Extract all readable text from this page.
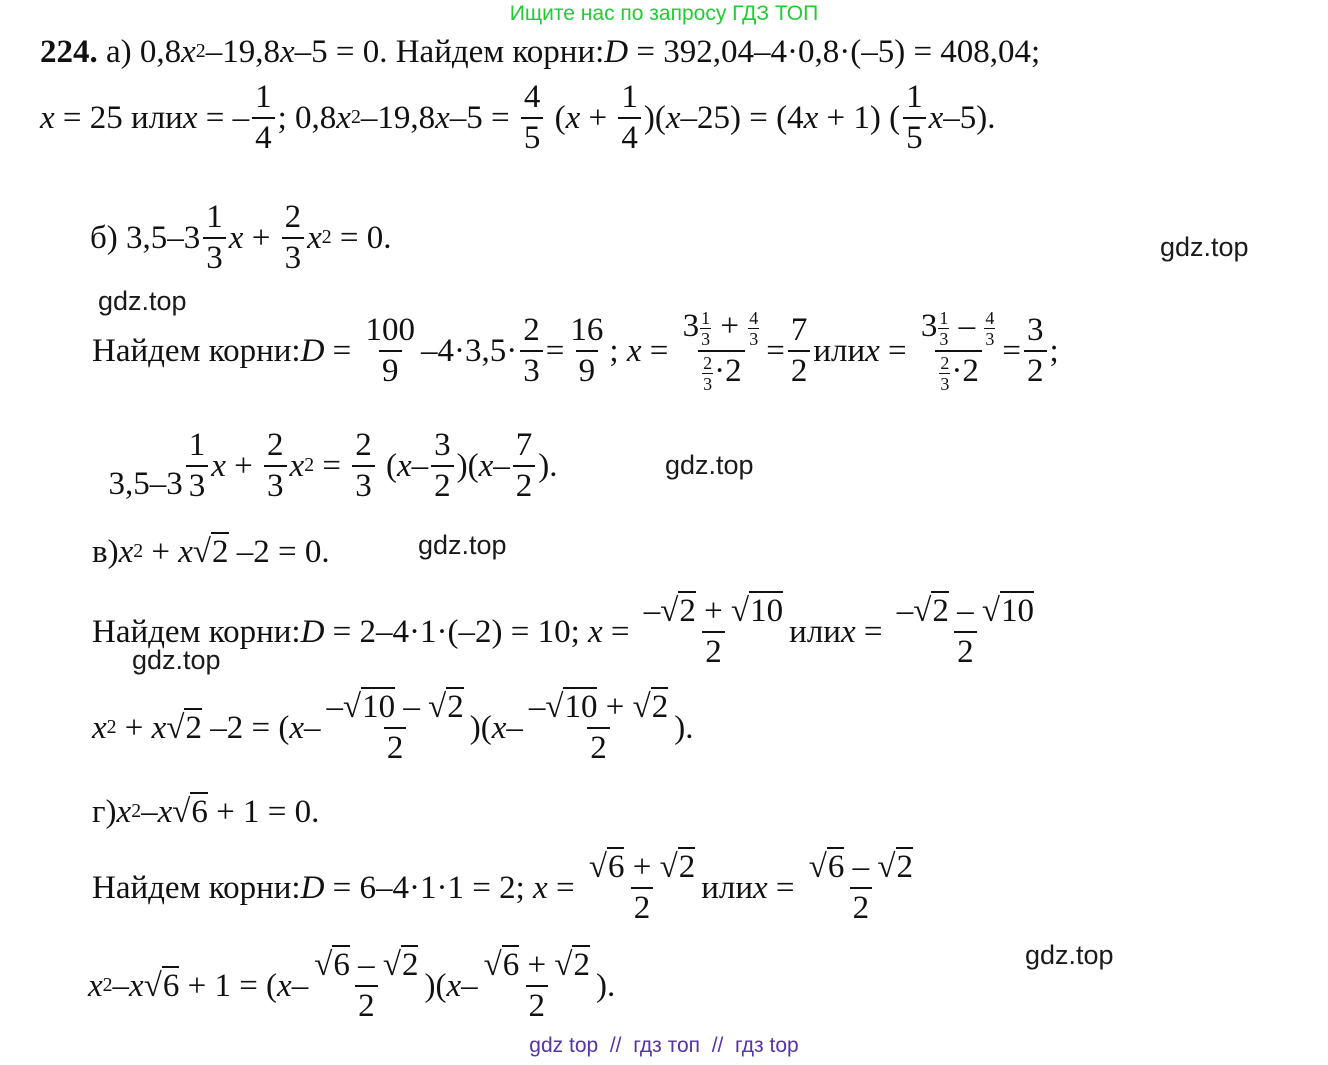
Ищите нас по запросу ГДЗ ТОП
224.
а) 0,8 x 2 –19,8 x –5 = 0. Найдем корни: D = 392,04–4·0,8·(–5) = 408,04;

x = 25 или x = – $\frac{1}{4}$ ; 0,8 x 2 –19,8 x $-5 = \frac{4}{5}$ ( $x + \frac{1}{4}$ )( x –25) = (4 x + 1) ( $\frac{1}{5}$ x –5).

б) $3,5-3 \frac{1}{3}$ $x + \frac{2}{3}$ x 2 = 0.

Найдем корни: $D = \frac{100}{9} -4\cdot 3,5\cdot \frac{2}{3} = \frac{16}{9}$ ; $x = \frac{3 \frac{1}{3} + \frac{4}{3}}{\frac{2}{3} \cdot 2} = \frac{7}{2}$ или $x = \frac{3 \frac{1}{3} - \frac{4}{3}}{\frac{2}{3} \cdot 2} = \frac{3}{2}$ ;

$3,5-3 \frac{1}{3}$ $x + \frac{2}{3}$ x $2 = \frac{2}{3}$ ( x – $\frac{3}{2}$ )( x – $\frac{7}{2}$ ).

в) x 2 + x √2 –2 = 0.

Найдем корни: D = 2–4·1·(–2) = 10; $x = \frac{-√2 + √10}{2}$ или $x = \frac{-√2 - √10}{2}$
x 2 + x √2 –2 = ( x – $\frac{-√10 - √2}{2}$ )( x – $\frac{-√10 + √2}{2}$ ).

г) x 2 – x √6 + 1 = 0.

Найдем корни: D = 6–4·1·1 = 2; $x = \frac{√6 + √2}{2}$ или $x = \frac{√6 - √2}{2}$
x 2 – x √6 + 1 = ( x – $\frac{√6 - √2}{2}$ )( x – $\frac{√6 + √2}{2}$ ).

gdz.top
gdz.top
gdz.top
gdz.top
gdz.top
gdz.top
gdz top  //  гдз топ  //  гдз top
